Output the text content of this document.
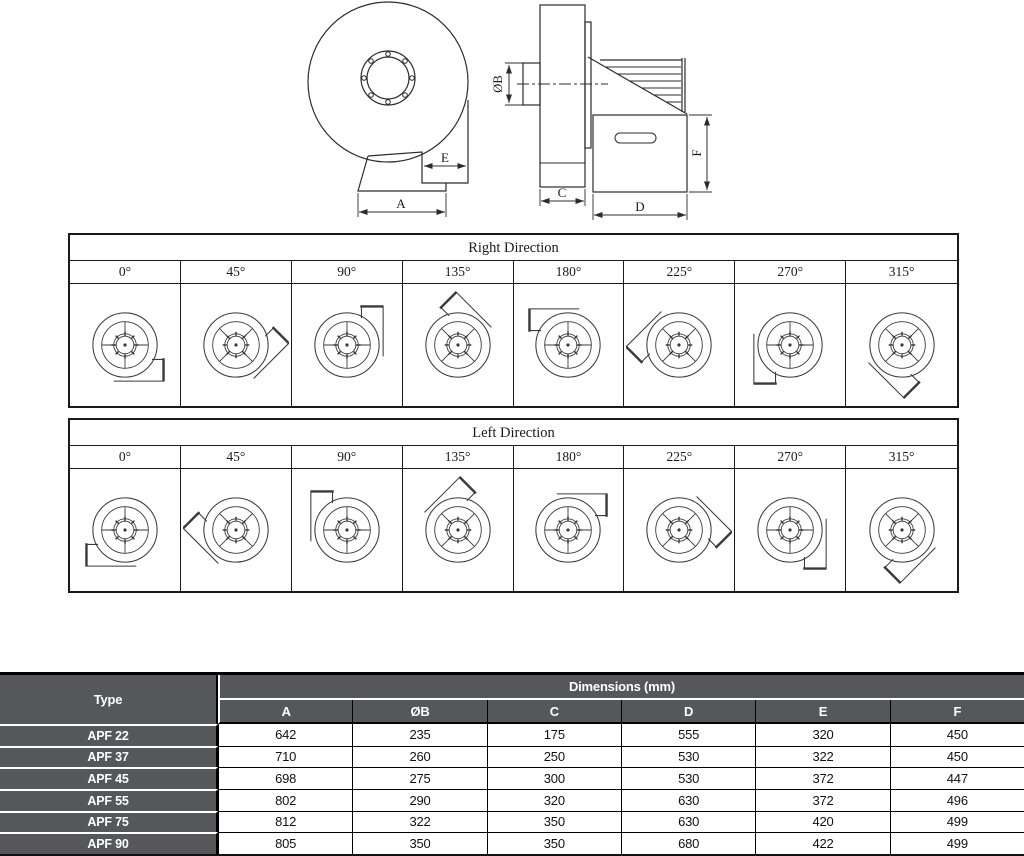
E
A
ØB
C
D
F
Right Direction
0°	45°	90°	135°	180°	225°	270°	315°
Left Direction
0°	45°	90°	135°	180°	225°	270°	315°
Type
Dimensions (mm)
A	ØB	C	D	E	F
APF 22	642	235	175	555	320	450
APF 37	710	260	250	530	322	450
APF 45	698	275	300	530	372	447
APF 55	802	290	320	630	372	496
APF 75	812	322	350	630	420	499
APF 90	805	350	350	680	422	499
